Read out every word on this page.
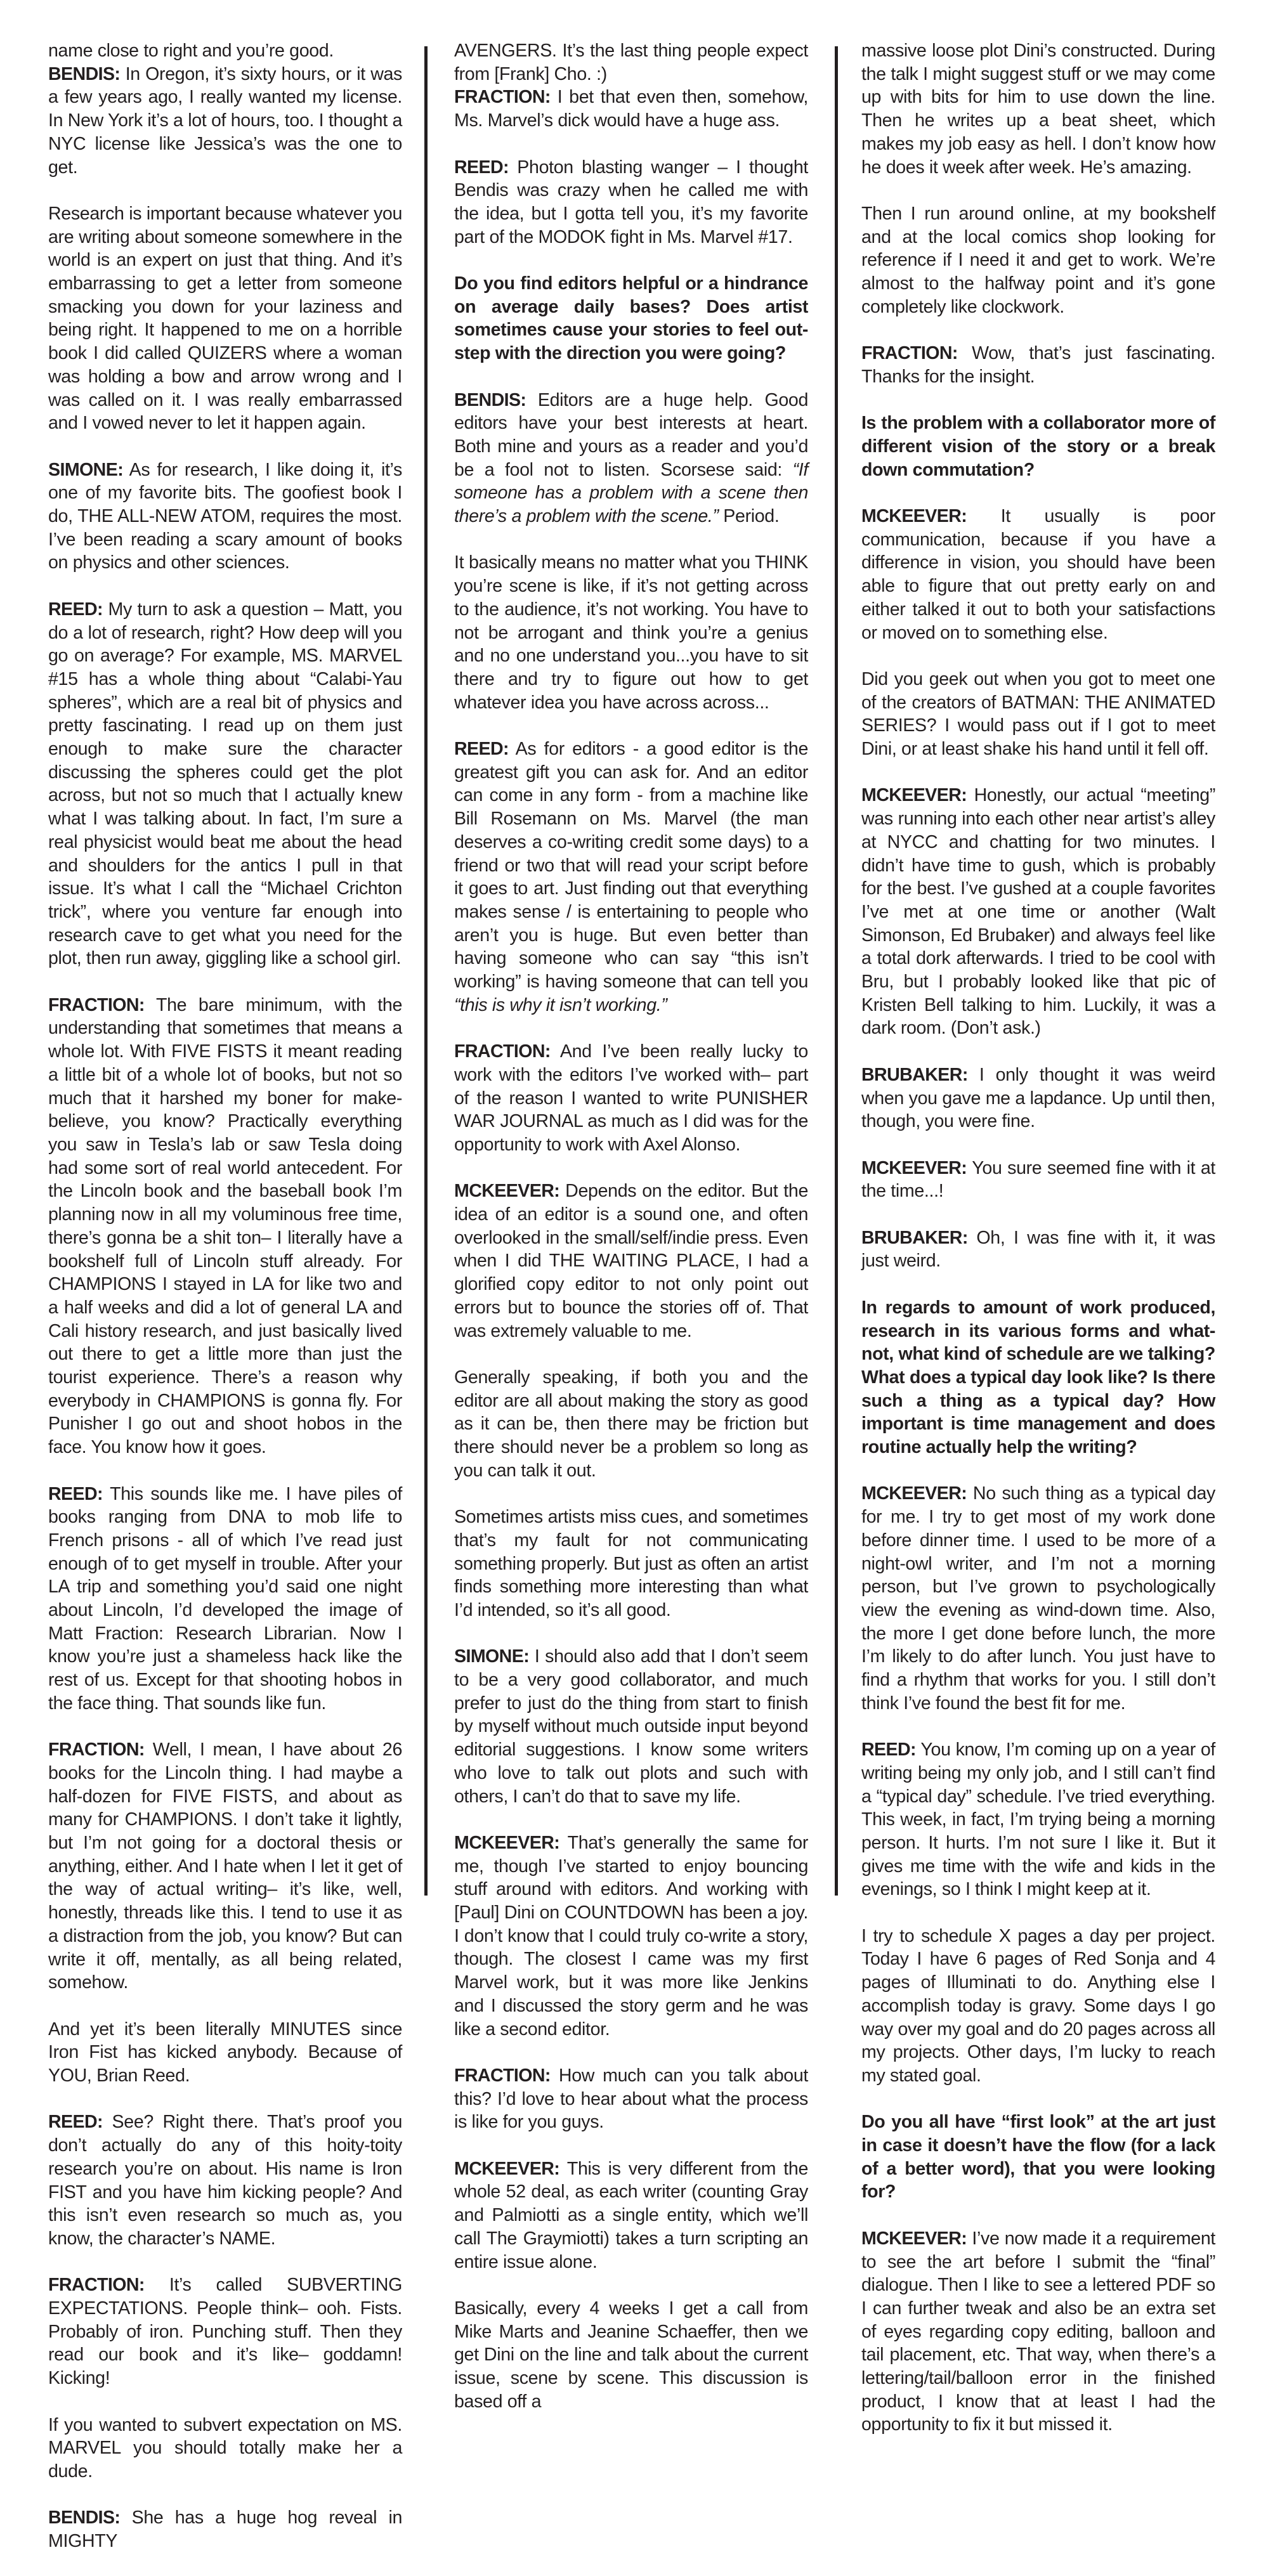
name close to right and you’re good.

BENDIS: In Oregon, it’s sixty hours, or it was a few years ago, I really wanted my license. In New York it’s a lot of hours, too. I thought a NYC license like Jessica’s was the one to get.

Research is important because whatever you are writing about someone somewhere in the world is an expert on just that thing. And it’s embarrassing to get a letter from someone smacking you down for your laziness and being right. It happened to me on a horrible book I did called QUIZERS where a woman was holding a bow and arrow wrong and I was called on it. I was really embarrassed and I vowed never to let it happen again.

SIMONE: As for research, I like doing it, it’s one of my favorite bits. The goofiest book I do, THE ALL-NEW ATOM, requires the most. I’ve been reading a scary amount of books on physics and other sciences.

REED: My turn to ask a question – Matt, you do a lot of research, right? How deep will you go on average? For example, MS. MARVEL #15 has a whole thing about “Calabi-Yau spheres”, which are a real bit of physics and pretty fascinating. I read up on them just enough to make sure the character discussing the spheres could get the plot across, but not so much that I actually knew what I was talking about. In fact, I’m sure a real physicist would beat me about the head and shoulders for the antics I pull in that issue. It’s what I call the “Michael Crichton trick”, where you venture far enough into research cave to get what you need for the plot, then run away, giggling like a school girl.

FRACTION: The bare minimum, with the understanding that sometimes that means a whole lot. With FIVE FISTS it meant reading a little bit of a whole lot of books, but not so much that it harshed my boner for make-believe, you know? Practically everything you saw in Tesla’s lab or saw Tesla doing had some sort of real world antecedent. For the Lincoln book and the baseball book I’m planning now in all my voluminous free time, there’s gonna be a shit ton– I literally have a bookshelf full of Lincoln stuff already. For CHAMPIONS I stayed in LA for like two and a half weeks and did a lot of general LA and Cali history research, and just basically lived out there to get a little more than just the tourist experience. There’s a reason why everybody in CHAMPIONS is gonna fly. For Punisher I go out and shoot hobos in the face. You know how it goes.

REED: This sounds like me. I have piles of books ranging from DNA to mob life to French prisons - all of which I’ve read just enough of to get myself in trouble. After your LA trip and something you’d said one night about Lincoln, I’d developed the image of Matt Fraction: Research Librarian. Now I know you’re just a shameless hack like the rest of us. Except for that shooting hobos in the face thing. That sounds like fun.

FRACTION: Well, I mean, I have about 26 books for the Lincoln thing. I had maybe a half-dozen for FIVE FISTS, and about as many for CHAMPIONS. I don’t take it lightly, but I’m not going for a doctoral thesis or anything, either. And I hate when I let it get of the way of actual writing– it’s like, well, honestly, threads like this. I tend to use it as a distraction from the job, you know? But can write it off, mentally, as all being related, somehow.

And yet it’s been literally MINUTES since Iron Fist has kicked anybody. Because of YOU, Brian Reed.

REED: See? Right there. That’s proof you don’t actually do any of this hoity-toity research you’re on about. His name is Iron FIST and you have him kicking people? And this isn’t even research so much as, you know, the character’s NAME.

FRACTION: It’s called SUBVERTING EXPECTATIONS. People think– ooh. Fists. Probably of iron. Punching stuff. Then they read our book and it’s like– goddamn! Kicking!

If you wanted to subvert expectation on MS. MARVEL you should totally make her a dude.

BENDIS: She has a huge hog reveal in MIGHTY

AVENGERS. It’s the last thing people expect from [Frank] Cho. :)

FRACTION: I bet that even then, somehow, Ms. Marvel’s dick would have a huge ass.

REED: Photon blasting wanger – I thought Bendis was crazy when he called me with the idea, but I gotta tell you, it’s my favorite part of the MODOK fight in Ms. Marvel #17.

Do you find editors helpful or a hindrance on average daily bases? Does artist sometimes cause your stories to feel out-step with the direction you were going?

BENDIS: Editors are a huge help. Good editors have your best interests at heart. Both mine and yours as a reader and you’d be a fool not to listen. Scorsese said: “If someone has a problem with a scene then there’s a problem with the scene.” Period.

It basically means no matter what you THINK you’re scene is like, if it’s not getting across to the audience, it’s not working. You have to not be arrogant and think you’re a genius and no one understand you...you have to sit there and try to figure out how to get whatever idea you have across across...

REED: As for editors - a good editor is the greatest gift you can ask for. And an editor can come in any form - from a machine like Bill Rosemann on Ms. Marvel (the man deserves a co-writing credit some days) to a friend or two that will read your script before it goes to art. Just finding out that everything makes sense / is entertaining to people who aren’t you is huge. But even better than having someone who can say “this isn’t working” is having someone that can tell you “this is why it isn’t working.”

FRACTION: And I’ve been really lucky to work with the editors I’ve worked with– part of the reason I wanted to write PUNISHER WAR JOURNAL as much as I did was for the opportunity to work with Axel Alonso.

MCKEEVER: Depends on the editor. But the idea of an editor is a sound one, and often overlooked in the small/self/indie press. Even when I did THE WAITING PLACE, I had a glorified copy editor to not only point out errors but to bounce the stories off of. That was extremely valuable to me.

Generally speaking, if both you and the editor are all about making the story as good as it can be, then there may be friction but there should never be a problem so long as you can talk it out.

Sometimes artists miss cues, and sometimes that’s my fault for not communicating something properly. But just as often an artist finds something more interesting than what I’d intended, so it’s all good.

SIMONE: I should also add that I don’t seem to be a very good collaborator, and much prefer to just do the thing from start to finish by myself without much outside input beyond editorial suggestions. I know some writers who love to talk out plots and such with others, I can’t do that to save my life.

MCKEEVER: That’s generally the same for me, though I’ve started to enjoy bouncing stuff around with editors. And working with [Paul] Dini on COUNTDOWN has been a joy. I don’t know that I could truly co-write a story, though. The closest I came was my first Marvel work, but it was more like Jenkins and I discussed the story germ and he was like a second editor.

FRACTION: How much can you talk about this? I’d love to hear about what the process is like for you guys.

MCKEEVER: This is very different from the whole 52 deal, as each writer (counting Gray and Palmiotti as a single entity, which we’ll call The Graymiotti) takes a turn scripting an entire issue alone.

Basically, every 4 weeks I get a call from Mike Marts and Jeanine Schaeffer, then we get Dini on the line and talk about the current issue, scene by scene. This discussion is based off a

massive loose plot Dini’s constructed. During the talk I might suggest stuff or we may come up with bits for him to use down the line. Then he writes up a beat sheet, which makes my job easy as hell. I don’t know how he does it week after week. He’s amazing.

Then I run around online, at my bookshelf and at the local comics shop looking for reference if I need it and get to work. We’re almost to the halfway point and it’s gone completely like clockwork.

FRACTION: Wow, that’s just fascinating. Thanks for the insight.

Is the problem with a collaborator more of different vision of the story or a break down commutation?

MCKEEVER: It usually is poor communication, because if you have a difference in vision, you should have been able to figure that out pretty early on and either talked it out to both your satisfactions or moved on to something else.

Did you geek out when you got to meet one of the creators of BATMAN: THE ANIMATED SERIES? I would pass out if I got to meet Dini, or at least shake his hand until it fell off.

MCKEEVER: Honestly, our actual “meeting” was running into each other near artist’s alley at NYCC and chatting for two minutes. I didn’t have time to gush, which is probably for the best. I’ve gushed at a couple favorites I’ve met at one time or another (Walt Simonson, Ed Brubaker) and always feel like a total dork afterwards. I tried to be cool with Bru, but I probably looked like that pic of Kristen Bell talking to him. Luckily, it was a dark room. (Don’t ask.)

BRUBAKER: I only thought it was weird when you gave me a lapdance. Up until then, though, you were fine.

MCKEEVER: You sure seemed fine with it at the time...!

BRUBAKER: Oh, I was fine with it, it was just weird.

In regards to amount of work produced, research in its various forms and what-not, what kind of schedule are we talking? What does a typical day look like? Is there such a thing as a typical day? How important is time management and does routine actually help the writing?

MCKEEVER: No such thing as a typical day for me. I try to get most of my work done before dinner time. I used to be more of a night-owl writer, and I’m not a morning person, but I’ve grown to psychologically view the evening as wind-down time. Also, the more I get done before lunch, the more I’m likely to do after lunch. You just have to find a rhythm that works for you. I still don’t think I’ve found the best fit for me.

REED: You know, I’m coming up on a year of writing being my only job, and I still can’t find a “typical day” schedule. I’ve tried everything. This week, in fact, I’m trying being a morning person. It hurts. I’m not sure I like it. But it gives me time with the wife and kids in the evenings, so I think I might keep at it.

I try to schedule X pages a day per project. Today I have 6 pages of Red Sonja and 4 pages of Illuminati to do. Anything else I accomplish today is gravy. Some days I go way over my goal and do 20 pages across all my projects. Other days, I’m lucky to reach my stated goal.

Do you all have “first look” at the art just in case it doesn’t have the flow (for a lack of a better word), that you were looking for?

MCKEEVER: I’ve now made it a requirement to see the art before I submit the “final” dialogue. Then I like to see a lettered PDF so I can further tweak and also be an extra set of eyes regarding copy editing, balloon and tail placement, etc. That way, when there’s a lettering/tail/balloon error in the finished product, I know that at least I had the opportunity to fix it but missed it.
